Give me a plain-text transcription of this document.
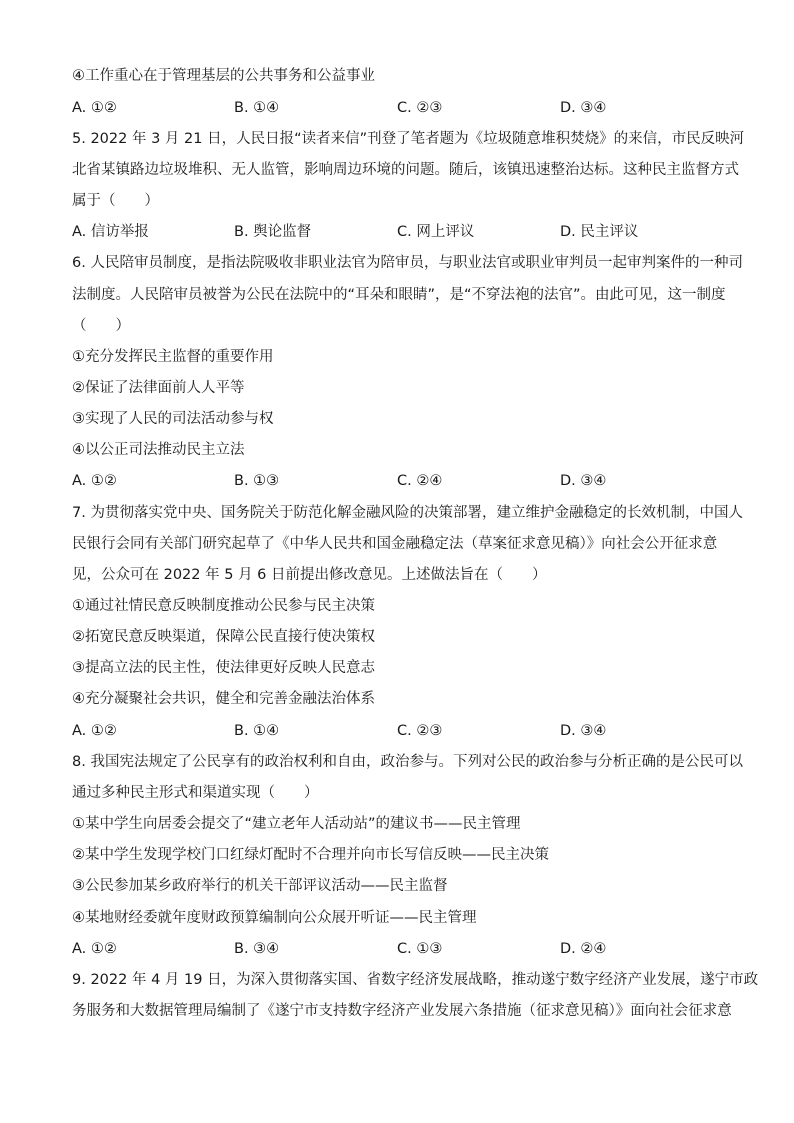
④工作重心在于管理基层的公共事务和公益事业
A. ①②	B. ①④	C. ②③	D. ③④
5. 2022 年 3 月 21 日，人民日报“读者来信”刊登了笔者题为《垃圾随意堆积焚烧》的来信，市民反映河
北省某镇路边垃圾堆积、无人监管，影响周边环境的问题。随后，该镇迅速整治达标。这种民主监督方式
属于（　　）
A. 信访举报	B. 舆论监督	C. 网上评议	D. 民主评议
6. 人民陪审员制度，是指法院吸收非职业法官为陪审员，与职业法官或职业审判员一起审判案件的一种司
法制度。人民陪审员被誉为公民在法院中的“耳朵和眼睛”，是“不穿法袍的法官”。由此可见，这一制度
（　　）
①充分发挥民主监督的重要作用
②保证了法律面前人人平等
③实现了人民的司法活动参与权
④以公正司法推动民主立法
A. ①②	B. ①③	C. ②④	D. ③④
7. 为贯彻落实党中央、国务院关于防范化解金融风险的决策部署，建立维护金融稳定的长效机制，中国人
民银行会同有关部门研究起草了《中华人民共和国金融稳定法（草案征求意见稿）》向社会公开征求意
见，公众可在 2022 年 5 月 6 日前提出修改意见。上述做法旨在（　　）
①通过社情民意反映制度推动公民参与民主决策
②拓宽民意反映渠道，保障公民直接行使决策权
③提高立法的民主性，使法律更好反映人民意志
④充分凝聚社会共识，健全和完善金融法治体系
A. ①②	B. ①④	C. ②③	D. ③④
8. 我国宪法规定了公民享有的政治权利和自由，政治参与。下列对公民的政治参与分析正确的是公民可以
通过多种民主形式和渠道实现（　　）
①某中学生向居委会提交了“建立老年人活动站”的建议书——民主管理
②某中学生发现学校门口红绿灯配时不合理并向市长写信反映——民主决策
③公民参加某乡政府举行的机关干部评议活动——民主监督
④某地财经委就年度财政预算编制向公众展开听证——民主管理
A. ①②	B. ③④	C. ①③	D. ②④
9. 2022 年 4 月 19 日，为深入贯彻落实国、省数字经济发展战略，推动遂宁数字经济产业发展，遂宁市政
务服务和大数据管理局编制了《遂宁市支持数字经济产业发展六条措施（征求意见稿）》面向社会征求意
